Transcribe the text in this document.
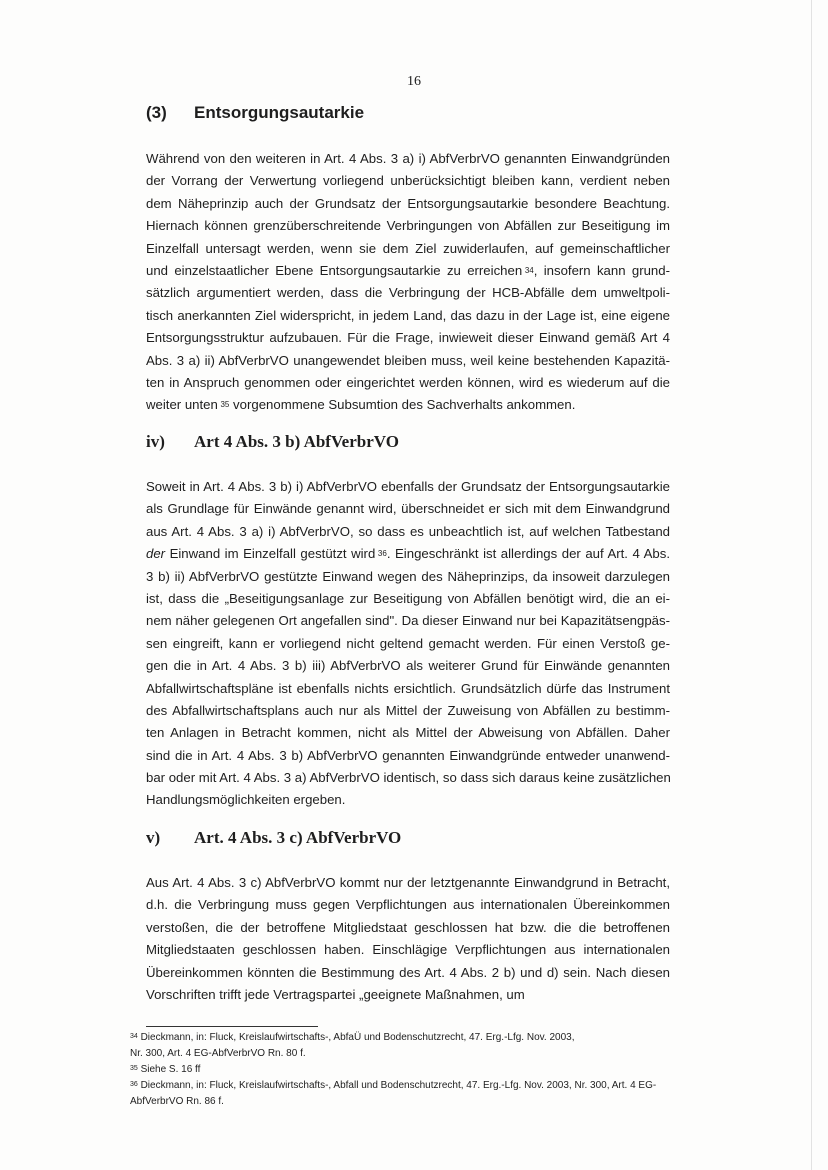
16
(3) Entsorgungsautarkie
Während von den weiteren in Art. 4 Abs. 3 a) i) AbfVerbrVO genannten Einwandgründen
der Vorrang der Verwertung vorliegend unberücksichtigt bleiben kann, verdient neben
dem Näheprinzip auch der Grundsatz der Entsorgungsautarkie besondere Beachtung.
Hiernach können grenzüberschreitende Verbringungen von Abfällen zur Beseitigung im
Einzelfall untersagt werden, wenn sie dem Ziel zuwiderlaufen, auf gemeinschaftlicher
und einzelstaatlicher Ebene Entsorgungsautarkie zu erreichen  $^{34}$, insofern kann grund-
sätzlich argumentiert werden, dass die Verbringung der HCB-Abfälle dem umweltpoli-
tisch anerkannten Ziel widerspricht, in jedem Land, das dazu in der Lage ist, eine eigene
Entsorgungsstruktur aufzubauen. Für die Frage, inwieweit dieser Einwand gemäß Art 4
Abs. 3 a) ii) AbfVerbrVO unangewendet bleiben muss, weil keine bestehenden Kapazitä-
ten in Anspruch genommen oder eingerichtet werden können, wird es wiederum auf die
weiter unten  $^{35}$ vorgenommene Subsumtion des Sachverhalts ankommen.
iv) Art 4 Abs. 3 b) AbfVerbrVO
Soweit in Art. 4 Abs. 3 b) i) AbfVerbrVO ebenfalls der Grundsatz der Entsorgungsautarkie
als Grundlage für Einwände genannt wird, überschneidet er sich mit dem Einwandgrund
aus Art. 4 Abs. 3 a) i) AbfVerbrVO, so dass es unbeachtlich ist, auf welchen Tatbestand
der Einwand im Einzelfall gestützt wird  $^{36}$. Eingeschränkt ist allerdings der auf Art. 4 Abs.
3 b) ii) AbfVerbrVO gestützte Einwand wegen des Näheprinzips, da insoweit darzulegen
ist, dass die „Beseitigungsanlage zur Beseitigung von Abfällen benötigt wird, die an ei-
nem näher gelegenen Ort angefallen sind". Da dieser Einwand nur bei Kapazitätsengpäs-
sen eingreift, kann er vorliegend nicht geltend gemacht werden. Für einen Verstoß ge-
gen die in Art. 4 Abs. 3 b) iii) AbfVerbrVO als weiterer Grund für Einwände genannten
Abfallwirtschaftspläne ist ebenfalls nichts ersichtlich. Grundsätzlich dürfe das Instrument
des Abfallwirtschaftsplans auch nur als Mittel der Zuweisung von Abfällen zu bestimm-
ten Anlagen in Betracht kommen, nicht als Mittel der Abweisung von Abfällen. Daher
sind die in Art. 4 Abs. 3 b) AbfVerbrVO genannten Einwandgründe entweder unanwend-
bar oder mit Art. 4 Abs. 3 a) AbfVerbrVO identisch, so dass sich daraus keine zusätzlichen
Handlungsmöglichkeiten ergeben.
v) Art. 4 Abs. 3 c) AbfVerbrVO
Aus Art. 4 Abs. 3 c) AbfVerbrVO kommt nur der letztgenannte Einwandgrund in Betracht,
d.h. die Verbringung muss gegen Verpflichtungen aus internationalen Übereinkommen
verstoßen, die der betroffene Mitgliedstaat geschlossen hat bzw. die die betroffenen
Mitgliedstaaten geschlossen haben. Einschlägige Verpflichtungen aus internationalen
Übereinkommen könnten die Bestimmung des Art. 4 Abs. 2 b) und d) sein. Nach diesen
Vorschriften trifft jede Vertragspartei „geeignete Maßnahmen, um
$^{34}$ Dieckmann, in: Fluck, Kreislaufwirtschafts-, AbfaÜ und Bodenschutzrecht, 47. Erg.-Lfg. Nov. 2003,
Nr. 300, Art. 4 EG-AbfVerbrVO Rn. 80 f.
$^{35}$ Siehe S. 16 ff
$^{36}$ Dieckmann, in: Fluck, Kreislaufwirtschafts-, Abfall und Bodenschutzrecht, 47. Erg.-Lfg. Nov. 2003, Nr. 300, Art. 4 EG-
AbfVerbrVO Rn. 86 f.
